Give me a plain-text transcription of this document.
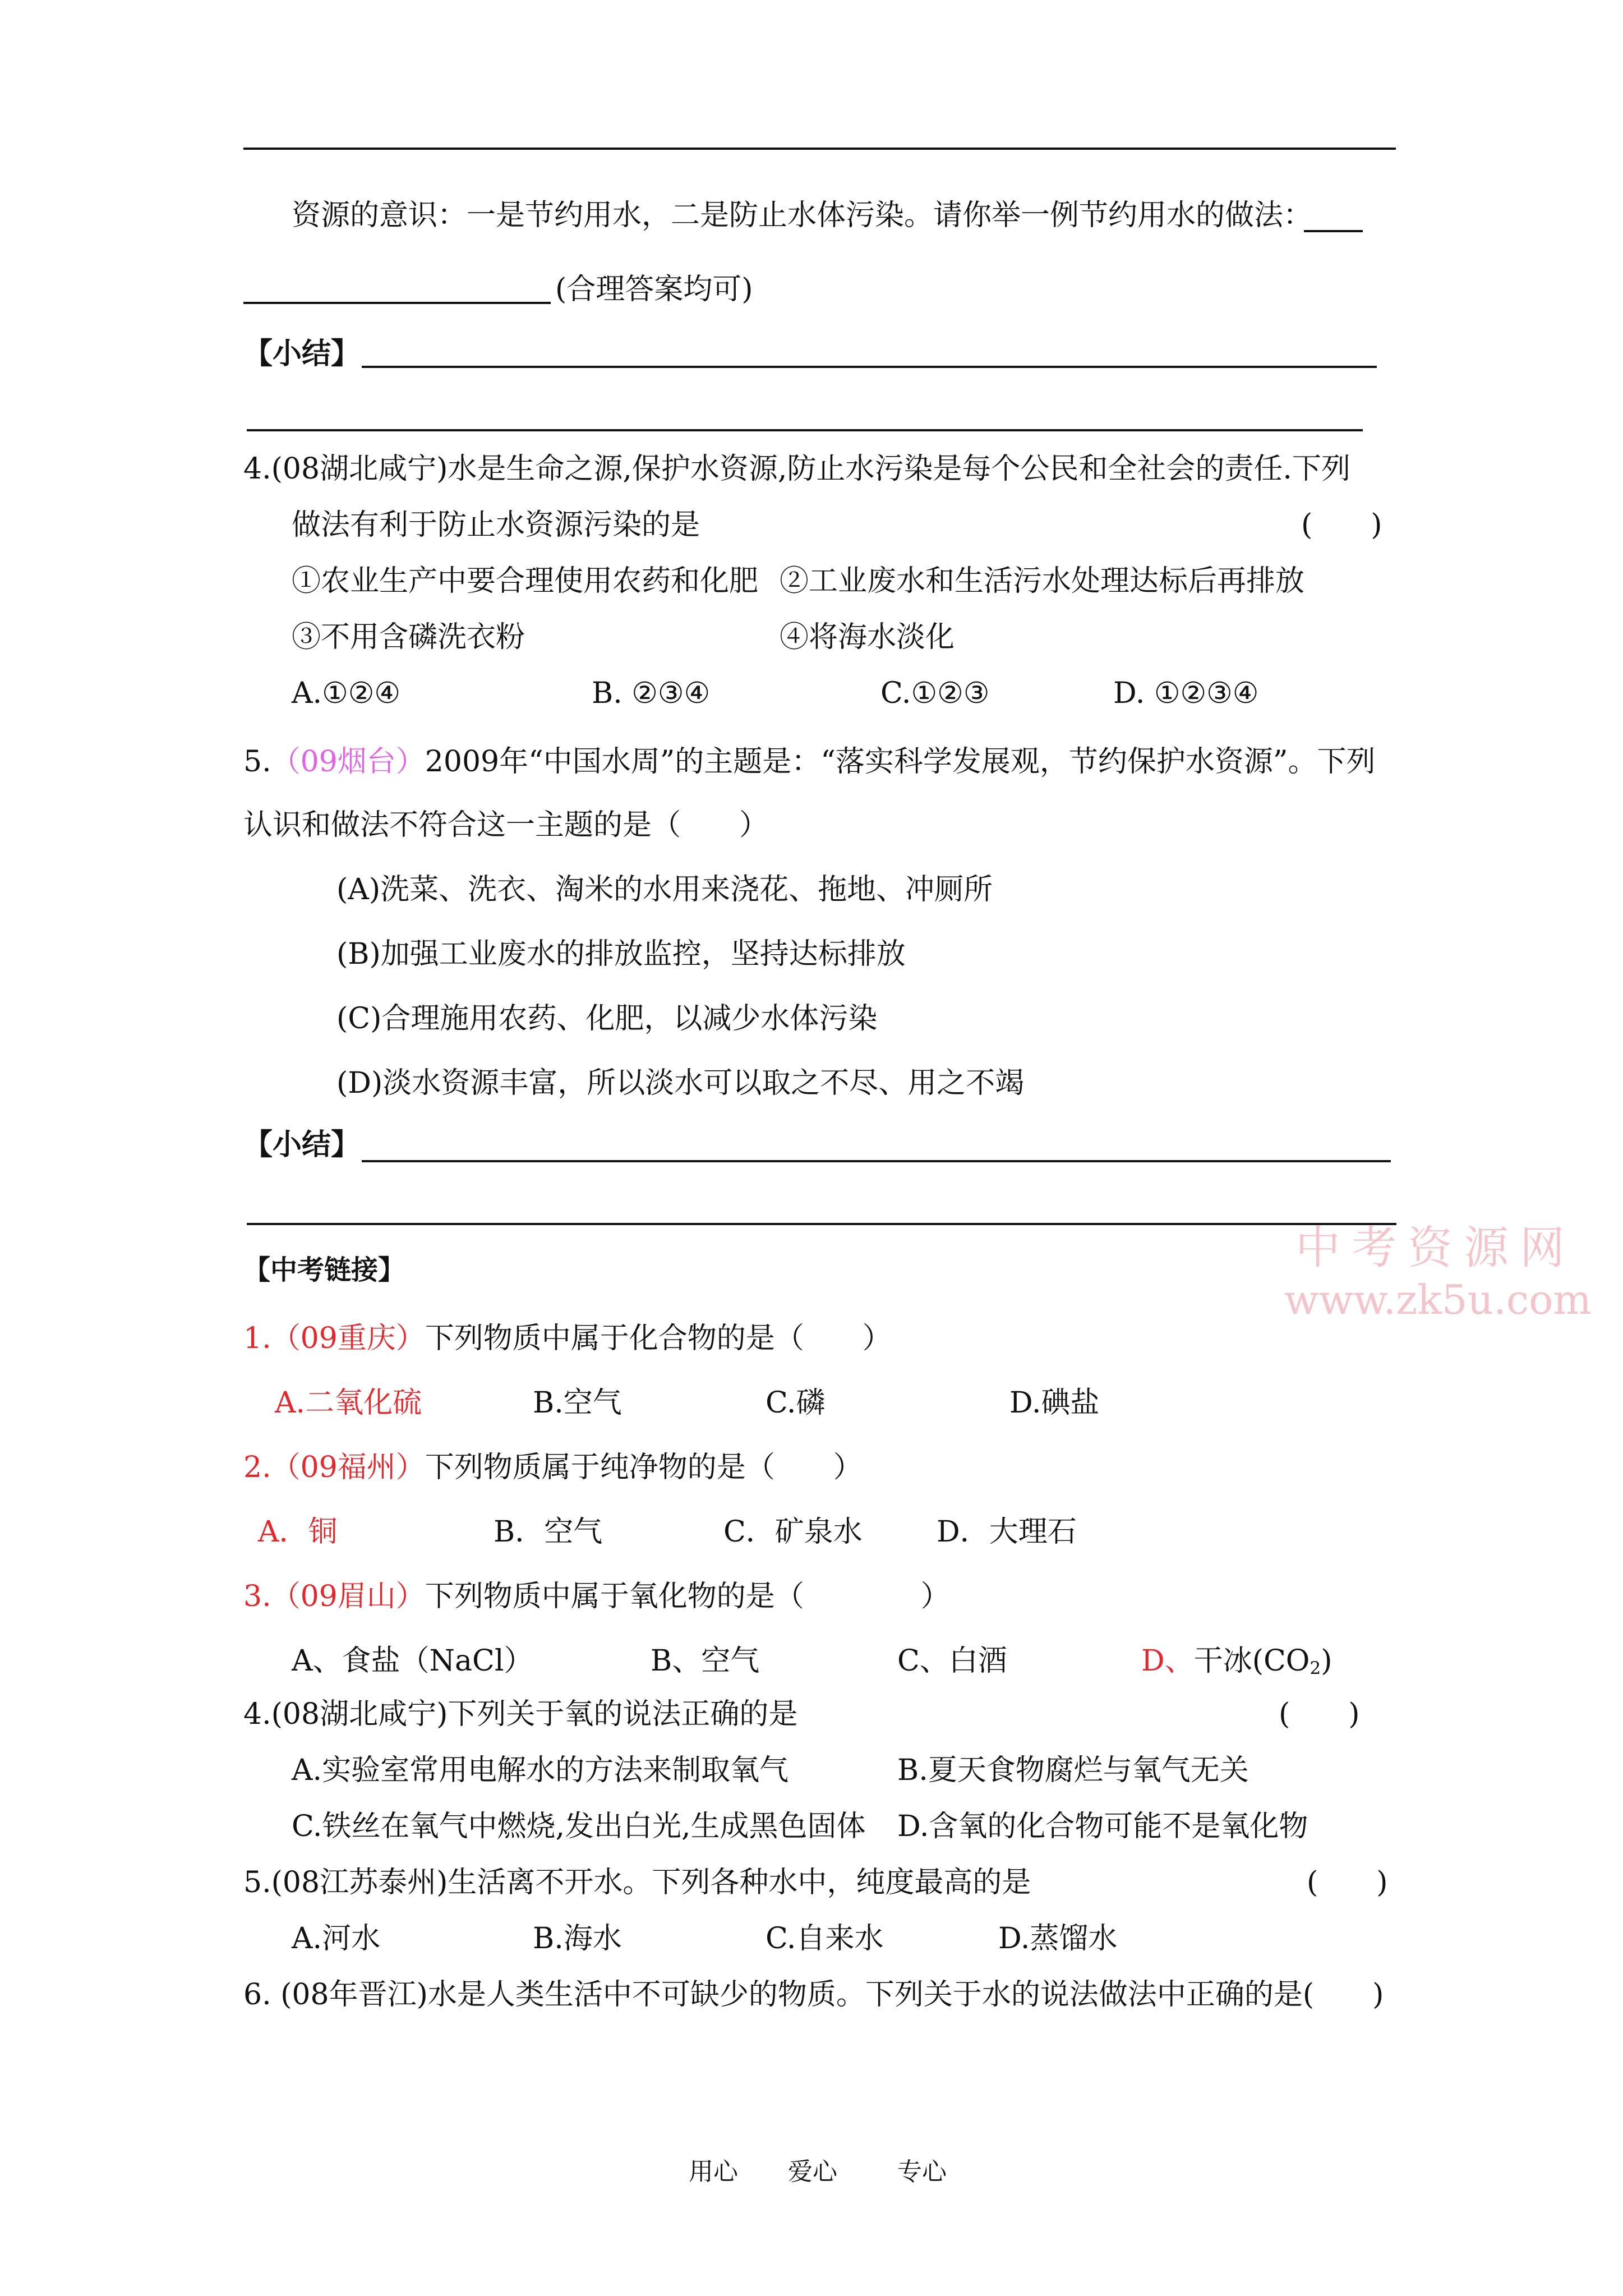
资源的意识：一是节约用水，二是防止水体污染。请你举一例节约用水的做法：
(合理答案均可)
【小结】
4.(08湖北咸宁)水是生命之源,保护水资源,防止水污染是每个公民和全社会的责任.下列
做法有利于防止水资源污染的是	(　　)
①农业生产中要合理使用农药和化肥 ②工业废水和生活污水处理达标后再排放
③不用含磷洗衣粉	④将海水淡化
A.①②④	B. ②③④	C.①②③	D. ①②③④
5.（09烟台）2009年“中国水周”的主题是：“落实科学发展观，节约保护水资源”。下列
认识和做法不符合这一主题的是（　　）
(A)洗菜、洗衣、淘米的水用来浇花、拖地、冲厕所
(B)加强工业废水的排放监控，坚持达标排放
(C)合理施用农药、化肥，以减少水体污染
(D)淡水资源丰富，所以淡水可以取之不尽、用之不竭
【小结】
中考资源网
www.zk5u.com
【中考链接】
1.（09重庆）下列物质中属于化合物的是（　　）
A.二氧化硫	B.空气	C.磷	D.碘盐
2.（09福州）下列物质属于纯净物的是（　　）
A．铜	B．空气	C．矿泉水	D．大理石
3.（09眉山）下列物质中属于氧化物的是（　　　　）
A、食盐（NaCl）	B、空气	C、白酒	D、干冰$(CO_2)$
4.(08湖北咸宁)下列关于氧的说法正确的是	(　　)
A.实验室常用电解水的方法来制取氧气	B.夏天食物腐烂与氧气无关
C.铁丝在氧气中燃烧,发出白光,生成黑色固体 D.含氧的化合物可能不是氧化物
5.(08江苏泰州)生活离不开水。下列各种水中，纯度最高的是	(　　)
A.河水	B.海水	C.自来水	D.蒸馏水
6. (08年晋江)水是人类生活中不可缺少的物质。下列关于水的说法做法中正确的是(　　)
用心 爱心 专心
